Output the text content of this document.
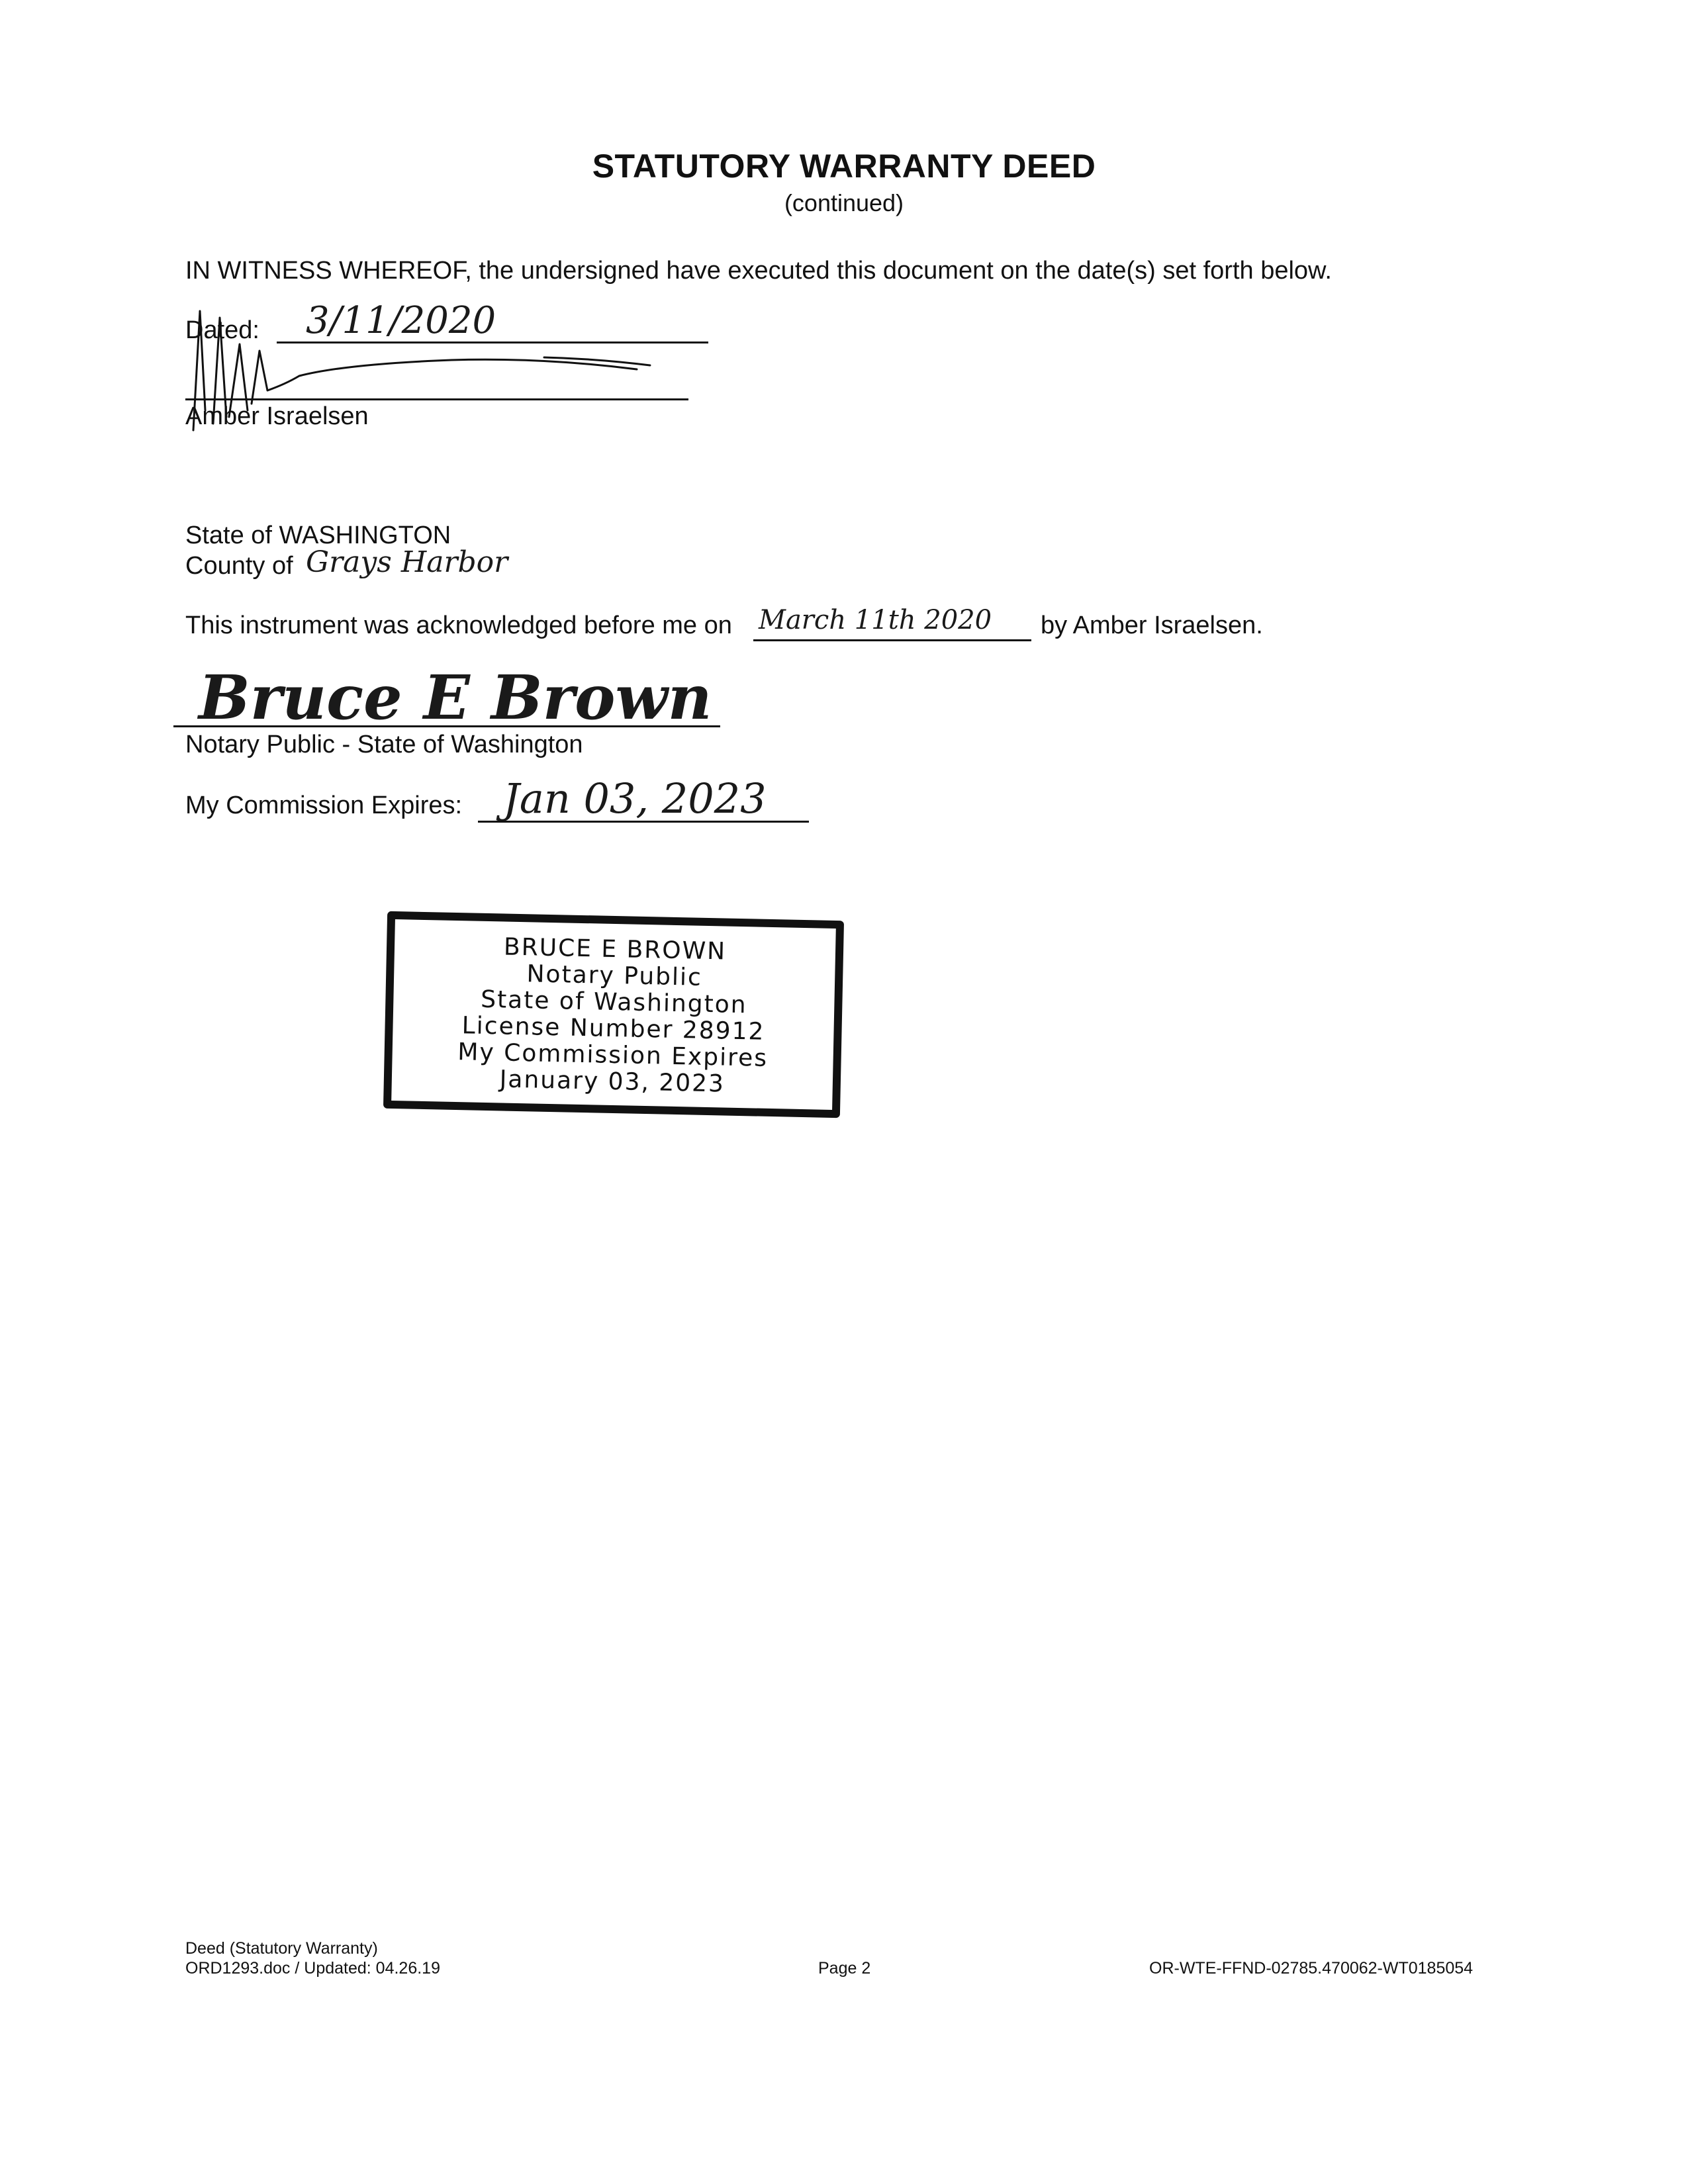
STATUTORY WARRANTY DEED
(continued)
IN WITNESS WHEREOF, the undersigned have executed this document on the date(s) set forth below.
Dated: 3/11/2020
Amber Israelsen
State of WASHINGTON
County of Grays Harbor
This instrument was acknowledged before me on March 11th 2020 by Amber Israelsen.
Bruce E Brown
Notary Public - State of Washington
My Commission Expires: Jan 03, 2023
BRUCE E BROWN
Notary Public
State of Washington
License Number 28912
My Commission Expires
January 03, 2023
Deed (Statutory Warranty)
ORD1293.doc / Updated: 04.26.19	Page 2	OR-WTE-FFND-02785.470062-WT0185054
